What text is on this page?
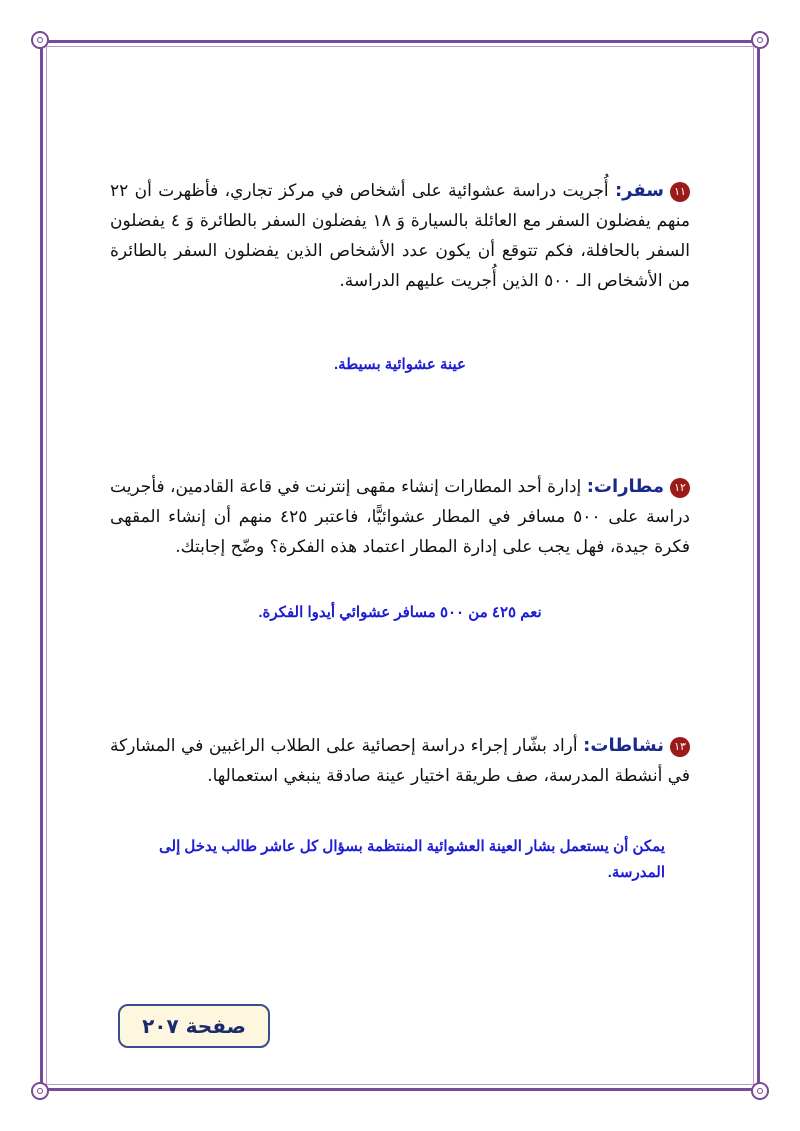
١١سفر: أُجريت دراسة عشوائية على أشخاص في مركز تجاري، فأظهرت أن ٢٢ منهم يفضلون السفر مع العائلة بالسيارة وَ ١٨ يفضلون السفر بالطائرة وَ ٤ يفضلون السفر بالحافلة، فكم تتوقع أن يكون عدد الأشخاص الذين يفضلون السفر بالطائرة من الأشخاص الـ ٥٠٠ الذين أُجريت عليهم الدراسة.
عينة عشوائية بسيطة.
١٢مطارات: إدارة أحد المطارات إنشاء مقهى إنترنت في قاعة القادمين، فأجريت دراسة على ٥٠٠ مسافر في المطار عشوائيًّا، فاعتبر ٤٢٥ منهم أن إنشاء المقهى فكرة جيدة، فهل يجب على إدارة المطار اعتماد هذه الفكرة؟ وضّح إجابتك.
نعم ٤٢٥ من ٥٠٠ مسافر عشوائي أيدوا الفكرة.
١٣نشاطات: أراد بشّار إجراء دراسة إحصائية على الطلاب الراغبين في المشاركة في أنشطة المدرسة، صف طريقة اختيار عينة صادقة ينبغي استعمالها.
يمكن أن يستعمل بشار العينة العشوائية المنتظمة بسؤال كل عاشر طالب يدخل إلى المدرسة.
صفحة ٢٠٧
